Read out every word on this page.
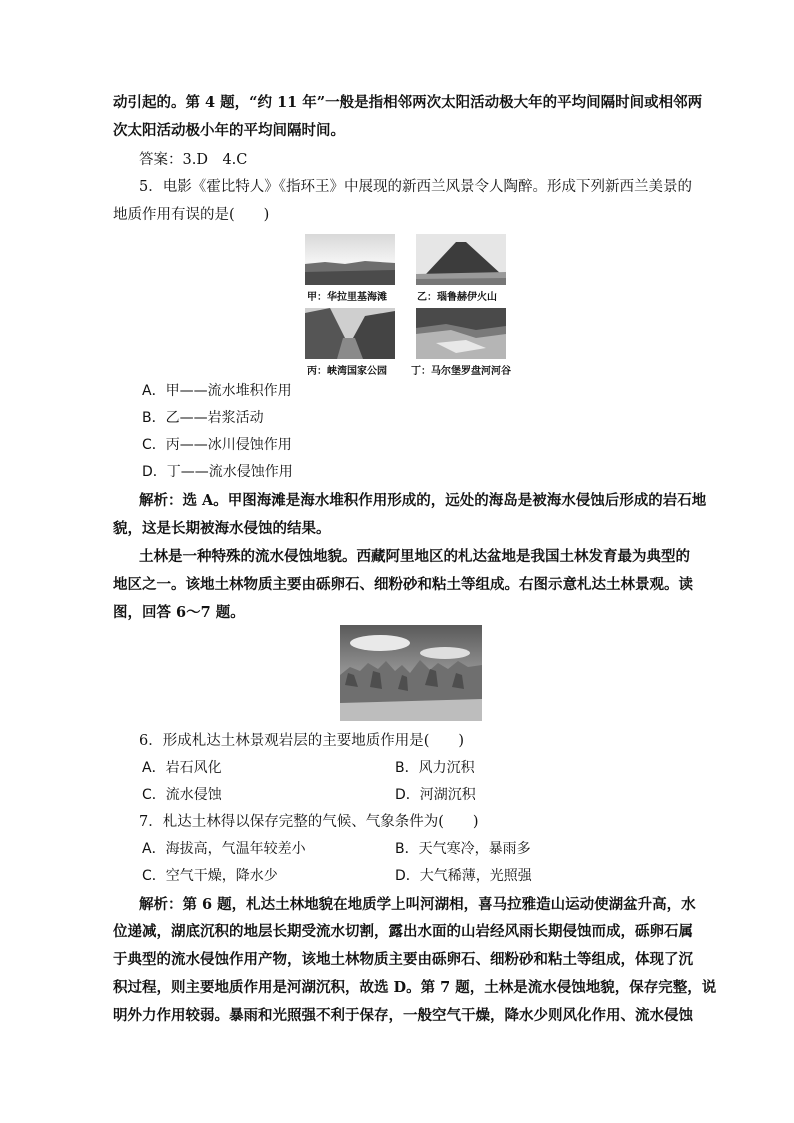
动引起的。第 4 题，“约 11 年”一般是指相邻两次太阳活动极大年的平均间隔时间或相邻两
次太阳活动极小年的平均间隔时间。
答案：3.D　4.C
5．电影《霍比特人》《指环王》中展现的新西兰风景令人陶醉。形成下列新西兰美景的
地质作用有误的是(　　)
甲：华拉里基海滩	乙：瑙鲁赫伊火山
丙：峡湾国家公园 丁：马尔堡罗盘河河谷
A．甲——流水堆积作用
B．乙——岩浆活动
C．丙——冰川侵蚀作用
D．丁——流水侵蚀作用
解析：选 A。甲图海滩是海水堆积作用形成的，远处的海岛是被海水侵蚀后形成的岩石地
貌，这是长期被海水侵蚀的结果。
土林是一种特殊的流水侵蚀地貌。西藏阿里地区的札达盆地是我国土林发育最为典型的
地区之一。该地土林物质主要由砾卵石、细粉砂和粘土等组成。右图示意札达土林景观。读
图，回答 6～7 题。
6．形成札达土林景观岩层的主要地质作用是(　　)
A．岩石风化	B．风力沉积
C．流水侵蚀	D．河湖沉积
7．札达土林得以保存完整的气候、气象条件为(　　)
A．海拔高，气温年较差小	B．天气寒冷，暴雨多
C．空气干燥，降水少	D．大气稀薄，光照强
解析：第 6 题，札达土林地貌在地质学上叫河湖相，喜马拉雅造山运动使湖盆升高，水
位递减，湖底沉积的地层长期受流水切割，露出水面的山岩经风雨长期侵蚀而成，砾卵石属
于典型的流水侵蚀作用产物，该地土林物质主要由砾卵石、细粉砂和粘土等组成，体现了沉
积过程，则主要地质作用是河湖沉积，故选 D。第 7 题，土林是流水侵蚀地貌，保存完整，说
明外力作用较弱。暴雨和光照强不利于保存，一般空气干燥，降水少则风化作用、流水侵蚀
